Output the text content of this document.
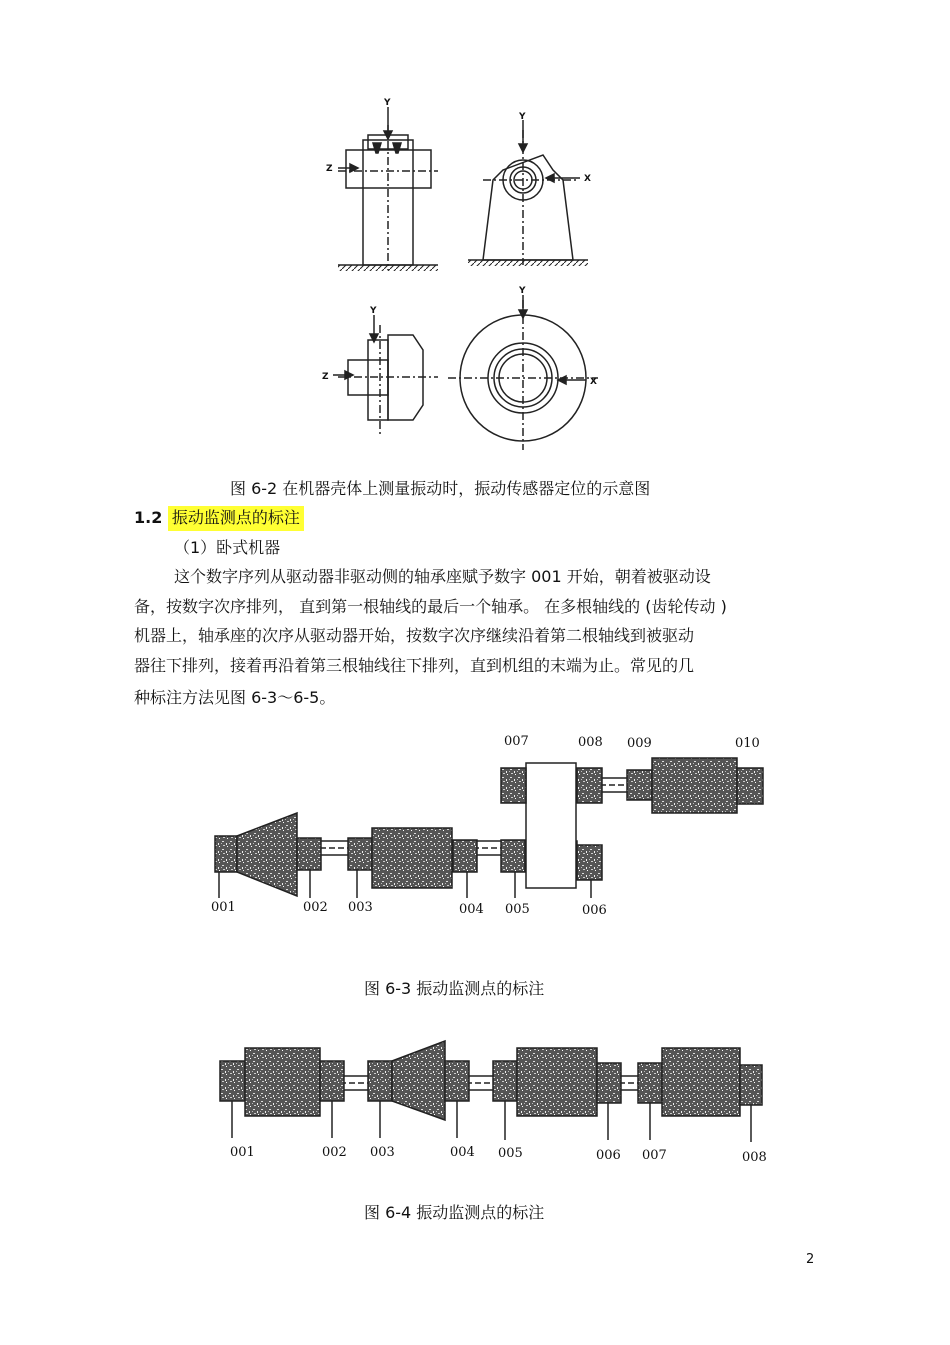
Y
Z
Y
X
Y
Z
Y
X
图 6-2 在机器壳体上测量振动时，振动传感器定位的示意图
1.2 振动监测点的标注
（1）卧式机器
这个数字序列从驱动器非驱动侧的轴承座赋予数字 001 开始，朝着被驱动设
备，按数字次序排列， 直到第一根轴线的最后一个轴承。 在多根轴线的 (齿轮传动 )
机器上，轴承座的次序从驱动器开始，按数字次序继续沿着第二根轴线到被驱动
器往下排列，接着再沿着第三根轴线往下排列，直到机组的末端为止。常见的几
种标注方法见图 6-3～6-5。
001	002 003	004 005	006
007	008 009	010
图 6-3 振动监测点的标注
001	002 003	004 005	006 007	008
图 6-4 振动监测点的标注
2
